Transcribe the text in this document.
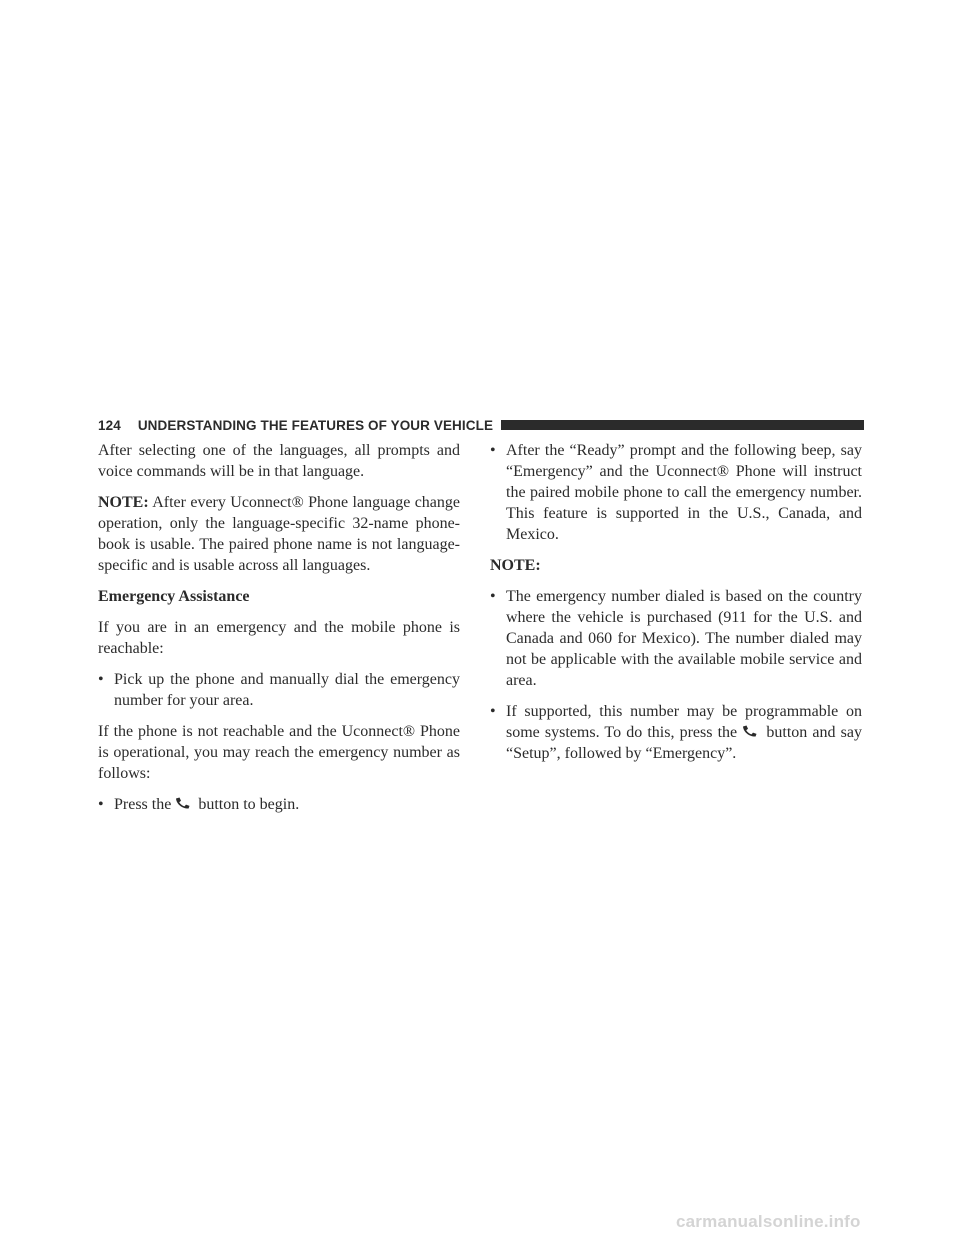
124	UNDERSTANDING THE FEATURES OF YOUR VEHICLE

After selecting one of the languages, all prompts and voice commands will be in that language.

NOTE: After every Uconnect® Phone language change operation, only the language-specific 32-name phone-book is usable. The paired phone name is not language-specific and is usable across all languages.

Emergency Assistance

If you are in an emergency and the mobile phone is reachable:

• Pick up the phone and manually dial the emergency number for your area.

If the phone is not reachable and the Uconnect® Phone is operational, you may reach the emergency number as follows:

• Press the  button to begin.
• After the “Ready” prompt and the following beep, say “Emergency” and the Uconnect® Phone will instruct the paired mobile phone to call the emergency number. This feature is supported in the U.S., Canada, and Mexico.

NOTE:

• The emergency number dialed is based on the country where the vehicle is purchased (911 for the U.S. and Canada and 060 for Mexico). The number dialed may not be applicable with the available mobile service and area.
• If supported, this number may be programmable on some systems. To do this, press the  button and say “Setup”, followed by “Emergency”.
carmanualsonline.info
